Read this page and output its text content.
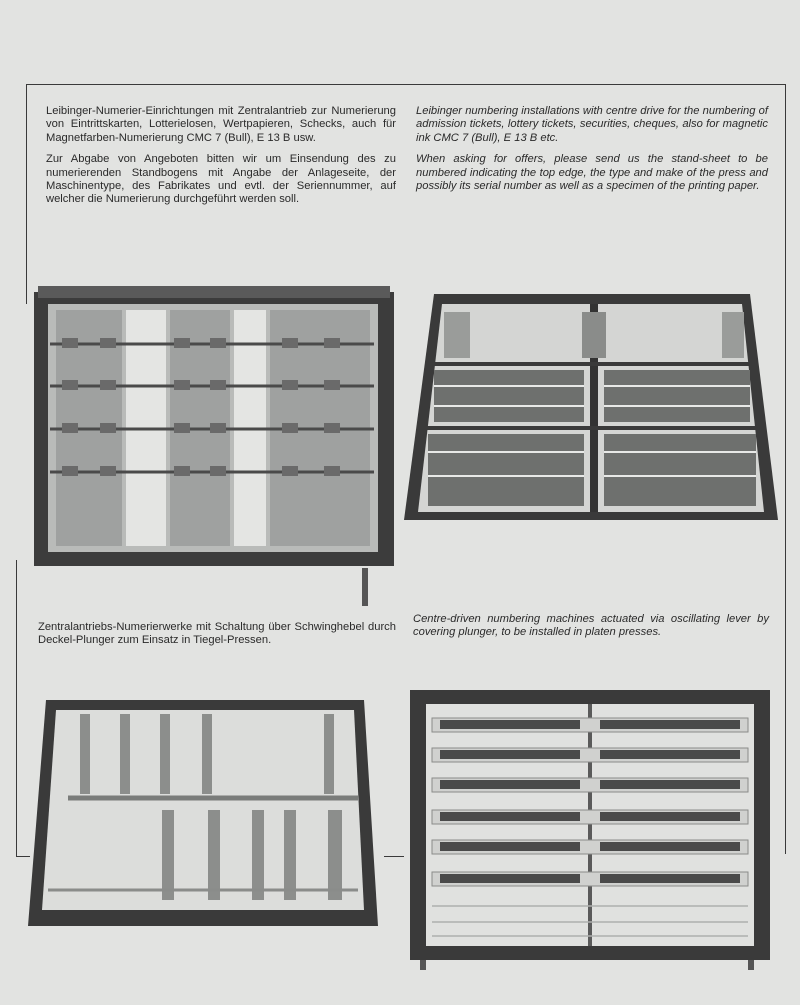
Leibinger-Numerier-Einrichtungen mit Zentralantrieb zur Numerierung von Eintrittskarten, Lotterielosen, Wertpapieren, Schecks, auch für Magnetfarben-Numerierung CMC 7 (Bull), E 13 B usw.

Zur Abgabe von Angeboten bitten wir um Einsendung des zu numerierenden Standbogens mit Angabe der Anlageseite, der Maschinentype, des Fabrikates und evtl. der Seriennummer, auf welcher die Numerierung durchgeführt werden soll.

Leibinger numbering installations with centre drive for the numbering of admission tickets, lottery tickets, securities, cheques, also for magnetic ink CMC 7 (Bull), E 13 B etc.

When asking for offers, please send us the stand-sheet to be numbered indicating the top edge, the type and make of the press and possibly its serial number as well as a specimen of the printing paper.

Zentralantriebs-Numerierwerke mit Schaltung über Schwinghebel durch Deckel-Plunger zum Einsatz in Tiegel-Pressen.

Centre-driven numbering machines actuated via oscillating lever by covering plunger, to be installed in platen presses.
